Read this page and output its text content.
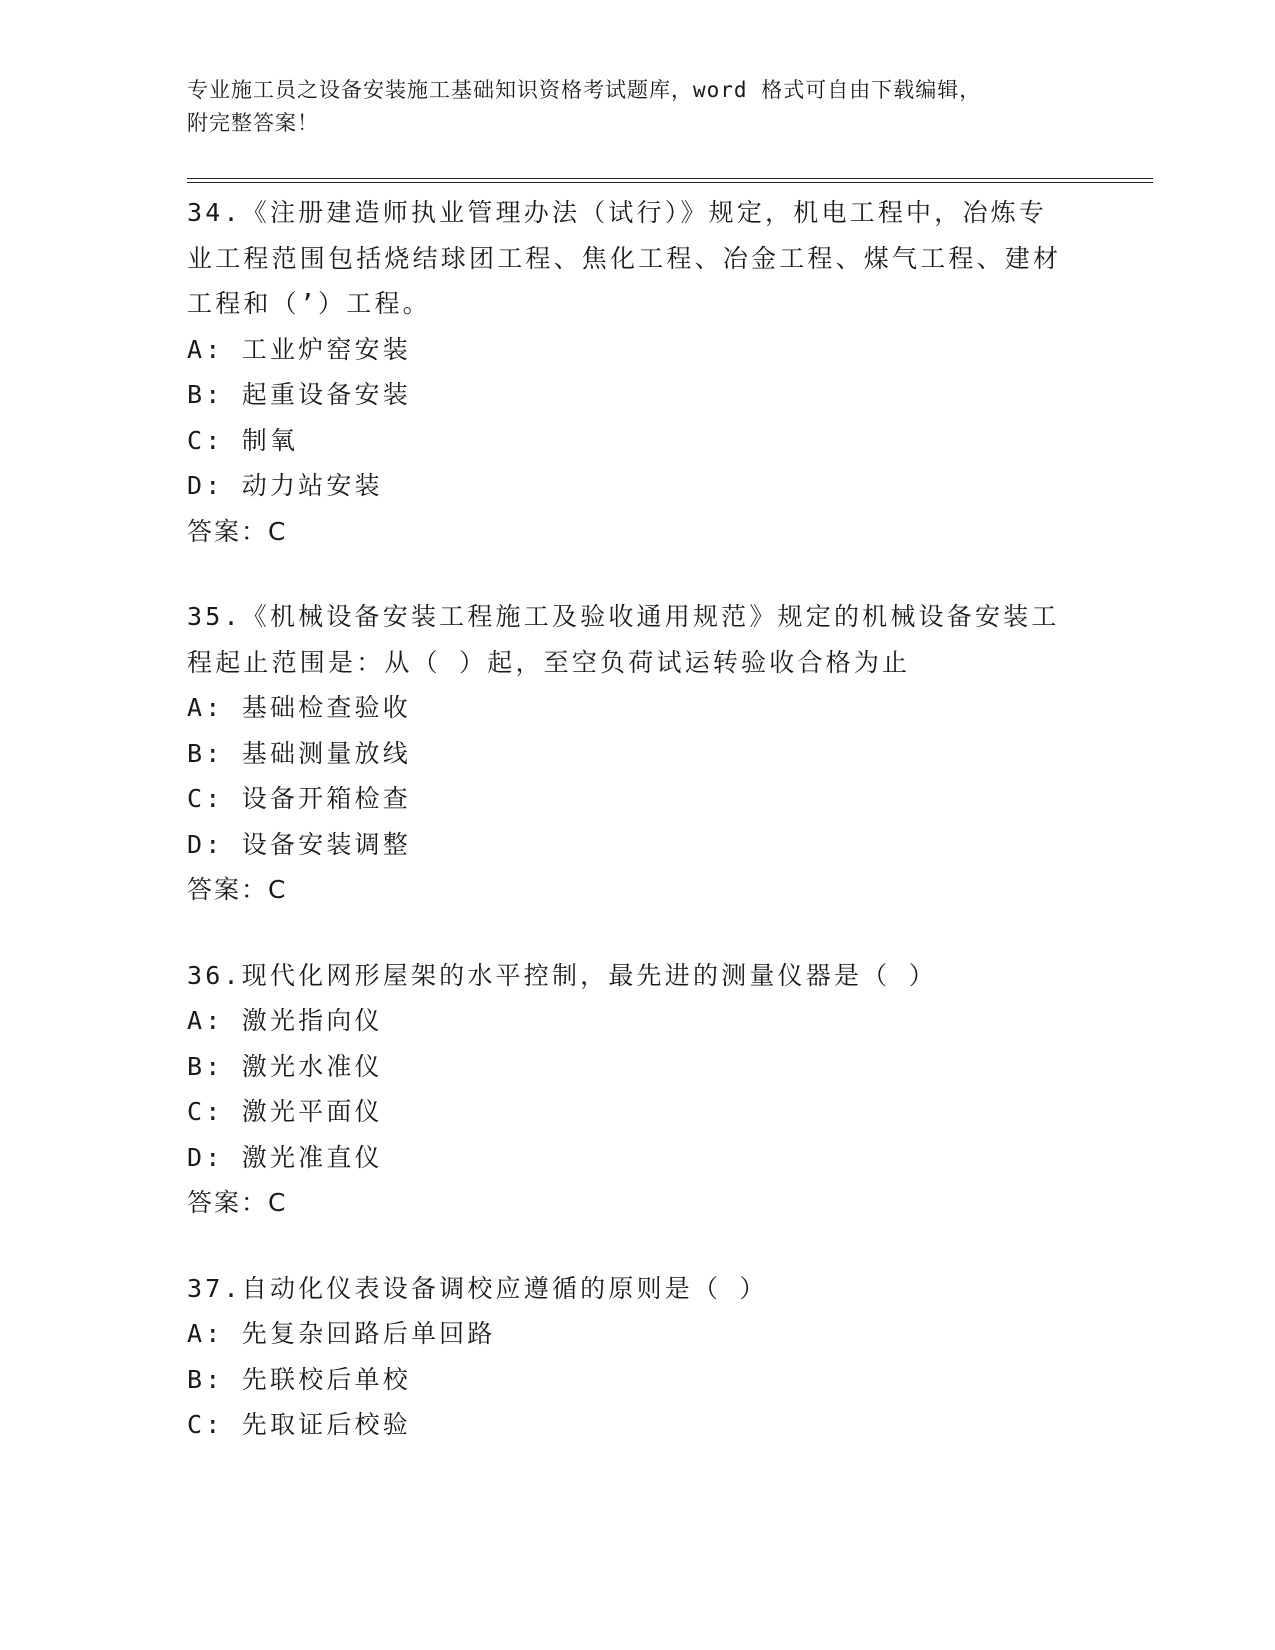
专业施工员之设备安装施工基础知识资格考试题库，word 格式可自由下载编辑，
附完整答案！

34.《注册建造师执业管理办法（试行）》规定，机电工程中，冶炼专业工程范围包括烧结球团工程、焦化工程、冶金工程、煤气工程、建材工程和（’）工程。

A: 工业炉窑安装

B: 起重设备安装

C: 制氧

D: 动力站安装

答案：C

35.《机械设备安装工程施工及验收通用规范》规定的机械设备安装工程起止范围是：从（ ）起，至空负荷试运转验收合格为止

A: 基础检查验收

B: 基础测量放线

C: 设备开箱检查

D: 设备安装调整

答案：C

36.现代化网形屋架的水平控制，最先进的测量仪器是（ ）

A: 激光指向仪

B: 激光水准仪

C: 激光平面仪

D: 激光准直仪

答案：C

37.自动化仪表设备调校应遵循的原则是（ ）

A: 先复杂回路后单回路

B: 先联校后单校

C: 先取证后校验
